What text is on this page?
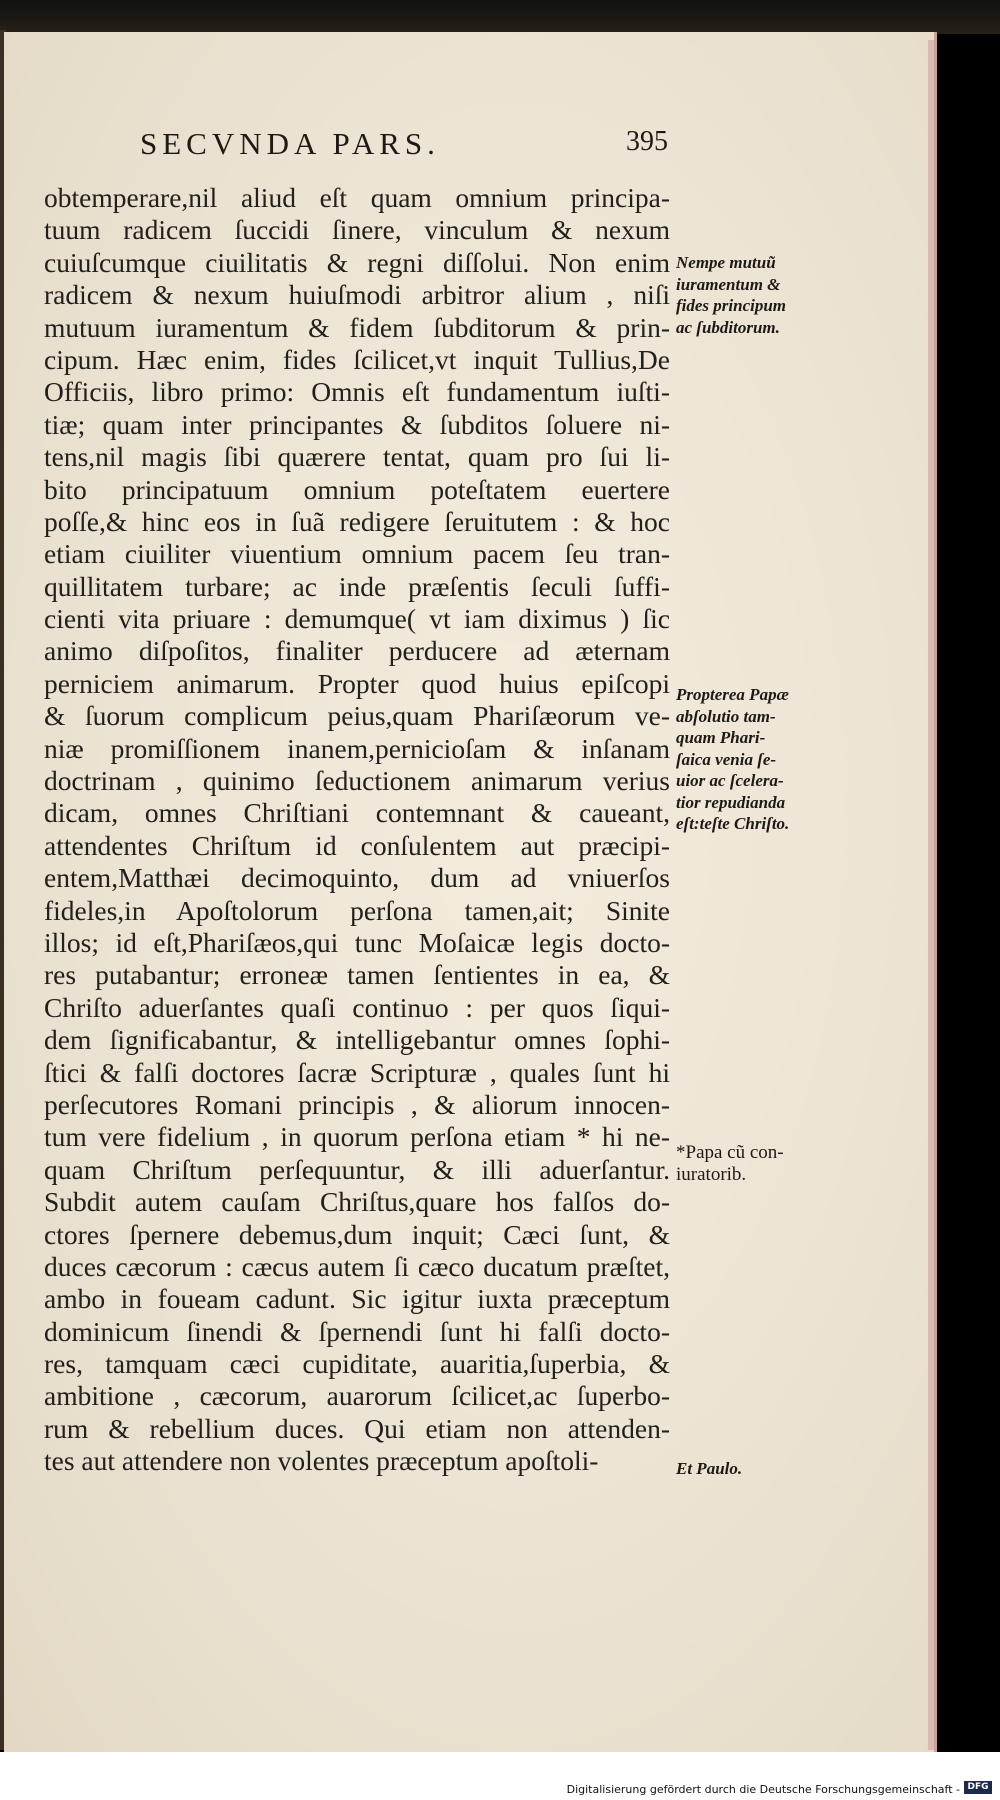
SECVNDA PARS.	395
obtemperare,nil aliud eſt quam omnium principa-
tuum radicem ſuccidi ſinere, vinculum & nexum
cuiuſcumque ciuilitatis & regni diſſolui. Non enim
radicem & nexum huiuſmodi arbitror alium , niſi
mutuum iuramentum & fidem ſubditorum & prin-
cipum. Hæc enim, fides ſcilicet,vt inquit Tullius,De
Officiis, libro primo: Omnis eſt fundamentum iuſti-
tiæ; quam inter principantes & ſubditos ſoluere ni-
tens,nil magis ſibi quærere tentat, quam pro ſui li-
bito principatuum omnium poteſtatem euertere
poſſe,& hinc eos in ſuã redigere ſeruitutem : & hoc
etiam ciuiliter viuentium omnium pacem ſeu tran-
quillitatem turbare; ac inde præſentis ſeculi ſuffi-
cienti vita priuare : demumque( vt iam diximus ) ſic
animo diſpoſitos, finaliter perducere ad æternam
perniciem animarum. Propter quod huius epiſcopi
& ſuorum complicum peius,quam Phariſæorum ve-
niæ promiſſionem inanem,pernicioſam & inſanam
doctrinam , quinimo ſeductionem animarum verius
dicam, omnes Chriſtiani contemnant & caueant,
attendentes Chriſtum id conſulentem aut præcipi-
entem,Matthæi decimoquinto, dum ad vniuerſos
fideles,in Apoſtolorum perſona tamen,ait; Sinite
illos; id eſt,Phariſæos,qui tunc Moſaicæ legis docto-
res putabantur; erroneæ tamen ſentientes in ea, &
Chriſto aduerſantes quaſi continuo : per quos ſiqui-
dem ſignificabantur, & intelligebantur omnes ſophi-
ſtici & falſi doctores ſacræ Scripturæ , quales ſunt hi
perſecutores Romani principis , & aliorum innocen-
tum vere fidelium , in quorum perſona etiam * hi ne-
quam Chriſtum perſequuntur, & illi aduerſantur.
Subdit autem cauſam Chriſtus,quare hos falſos do-
ctores ſpernere debemus,dum inquit; Cæci ſunt, &
duces cæcorum : cæcus autem ſi cæco ducatum præſtet,
ambo in foueam cadunt. Sic igitur iuxta præceptum
dominicum ſinendi & ſpernendi ſunt hi falſi docto-
res, tamquam cæci cupiditate, auaritia,ſuperbia, &
ambitione , cæcorum, auarorum ſcilicet,ac ſuperbo-
rum & rebellium duces. Qui etiam non attenden-
tes aut attendere non volentes præceptum apoſtoli-
Nempe mutuũ
iuramentum &
fides principum
ac ſubditorum.
Propterea Papæ
abſolutio tam-
quam Phari-
ſaica venia ſe-
uior ac ſcelera-
tior repudianda
eſt:teſte Chriſto.
*Papa cũ con-
iuratorib.
Et Paulo.
Digitalisierung gefördert durch die Deutsche Forschungsgemeinschaft - DFG
